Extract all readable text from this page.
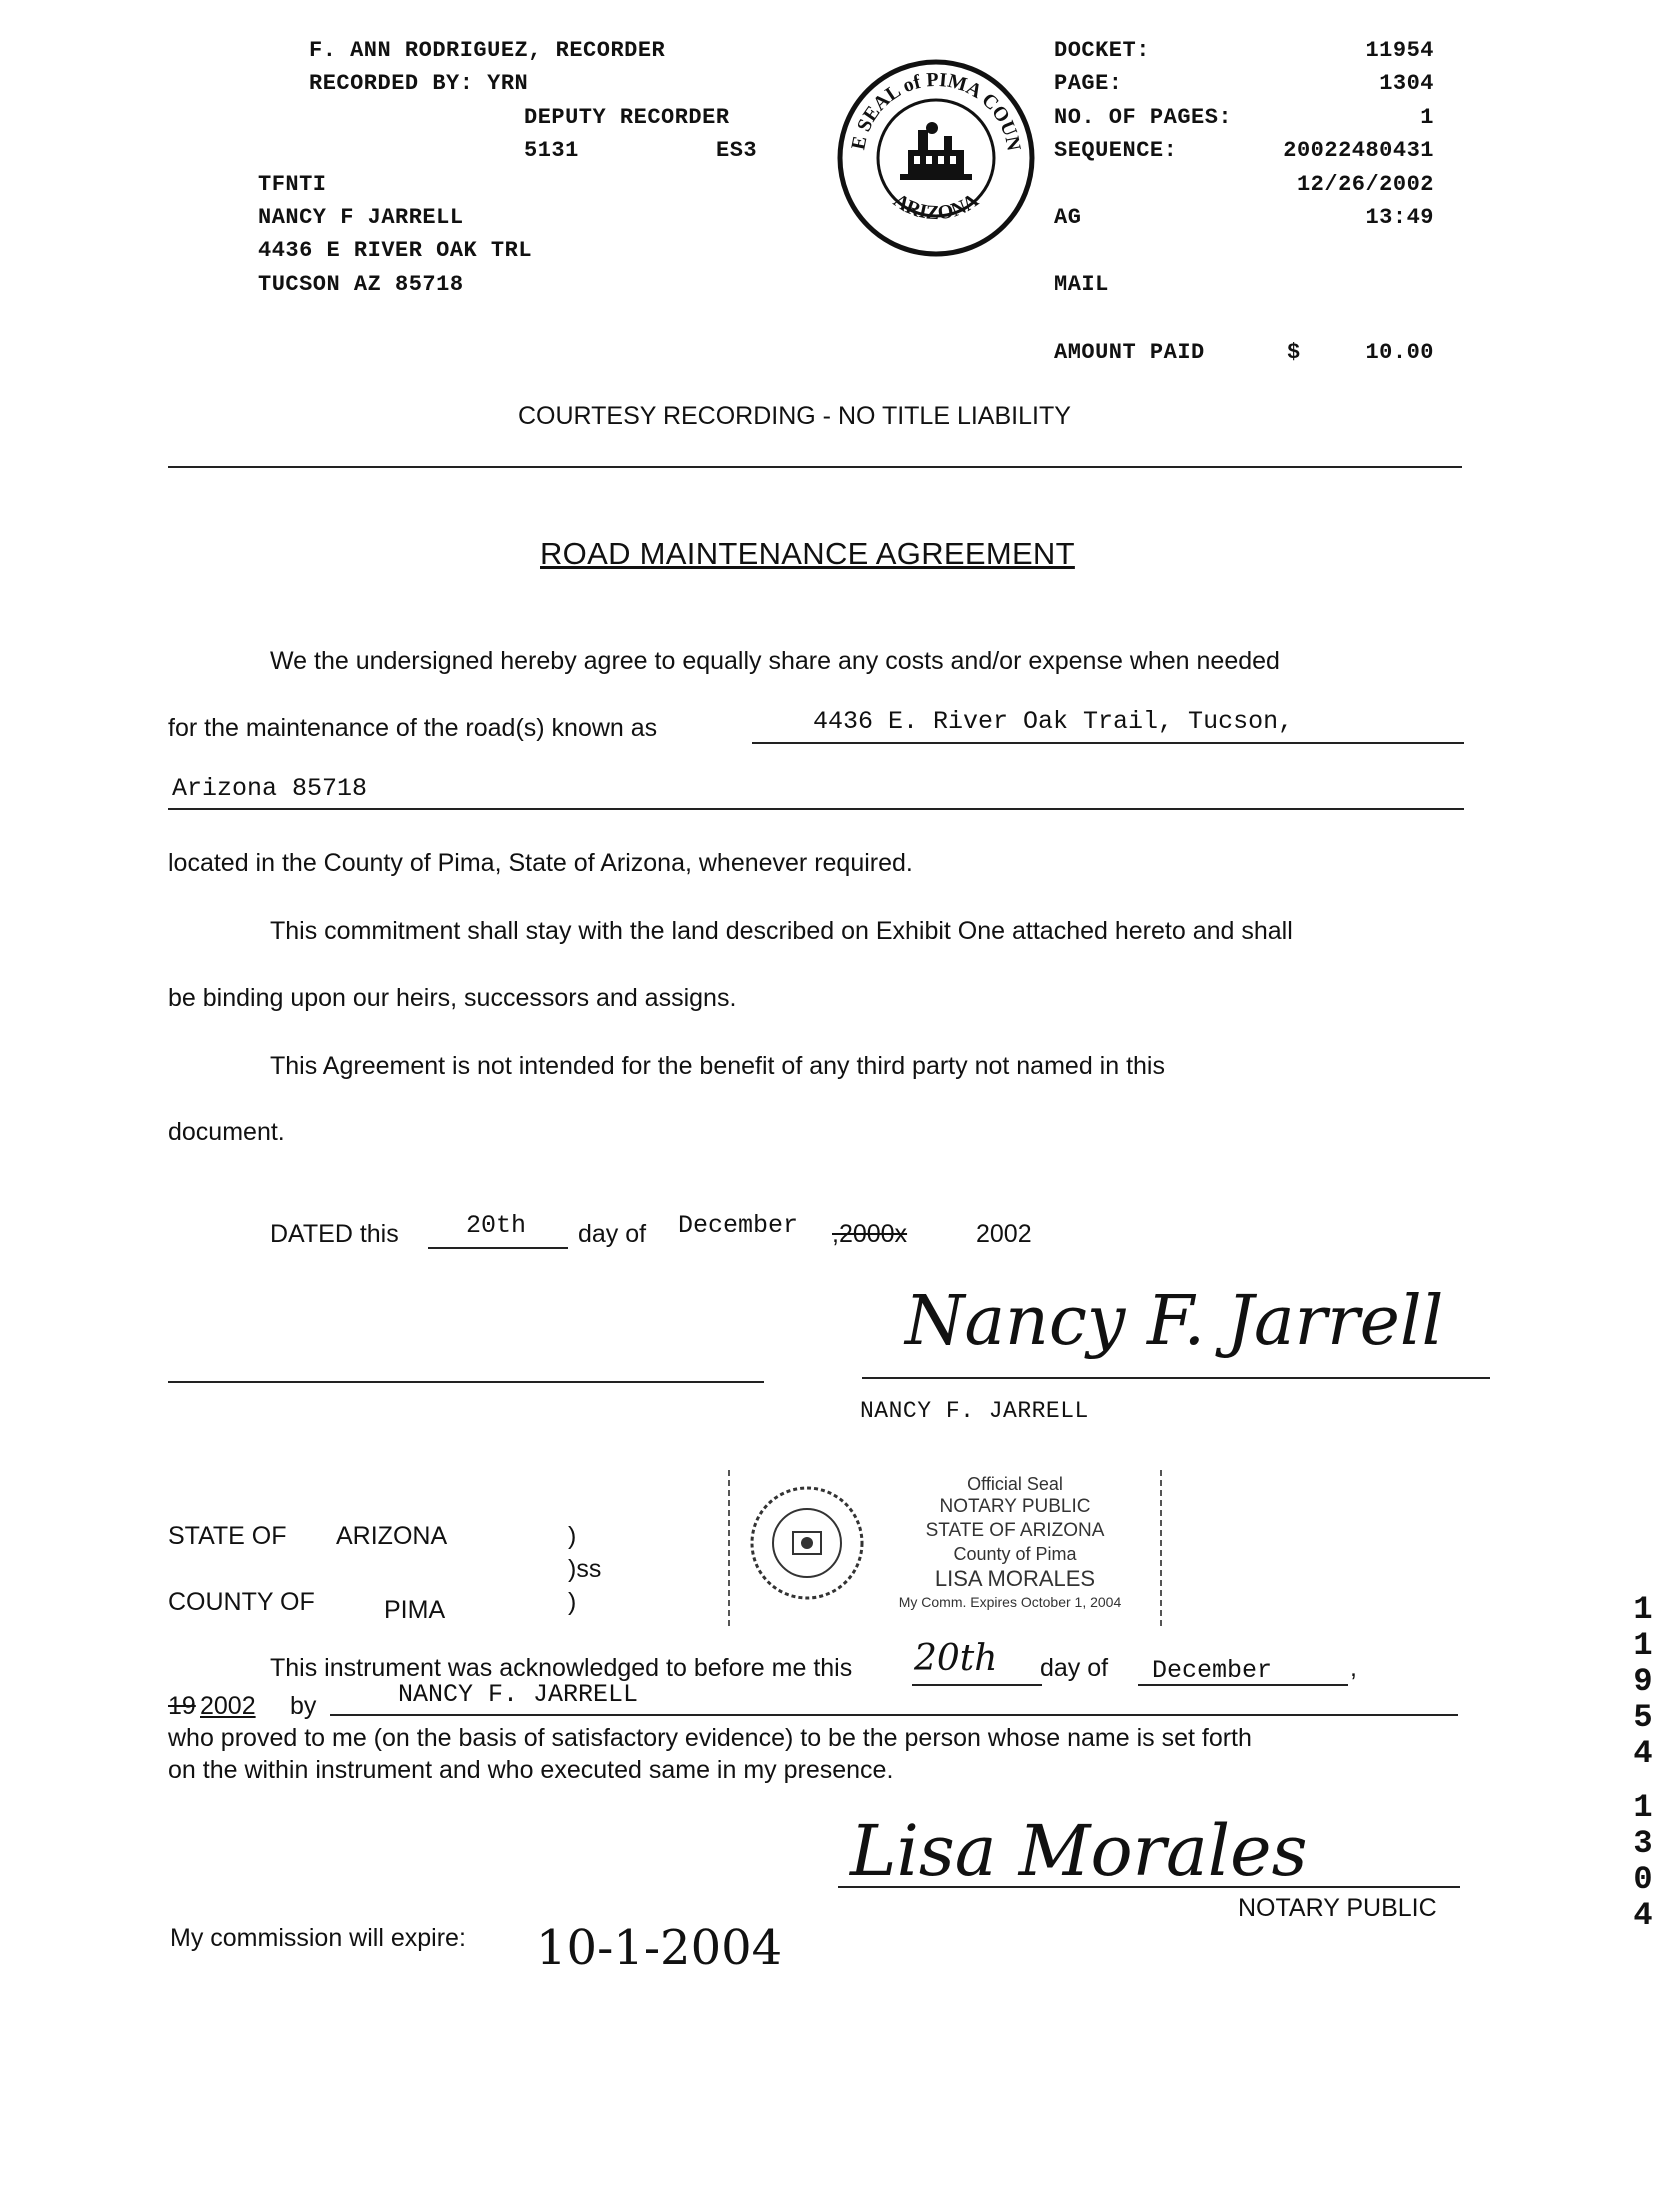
F. ANN RODRIGUEZ, RECORDER
RECORDED BY: YRN
DEPUTY RECORDER
5131	ES3
TFNTI
NANCY F JARRELL
4436 E RIVER OAK TRL
TUCSON AZ 85718
THE SEAL of PIMA COUNTY
ARIZONA
DOCKET:	11954
PAGE:	1304
NO. OF PAGES:	1
SEQUENCE:	20022480431
12/26/2002
AG	13:49
MAIL
AMOUNT PAID	$	10.00
COURTESY RECORDING - NO TITLE LIABILITY
ROAD MAINTENANCE AGREEMENT
We the undersigned hereby agree to equally share any costs and/or expense when needed
for the maintenance of the road(s) known as	4436 E. River Oak Trail, Tucson,
Arizona 85718
located in the County of Pima, State of Arizona, whenever required.
This commitment shall stay with the land described on Exhibit One attached hereto and shall
be binding upon our heirs, successors and assigns.
This Agreement is not intended for the benefit of any third party not named in this
document.
DATED this	20th day of December ,2000x	2002
Nancy F. Jarrell
NANCY F. JARRELL
Official Seal
NOTARY PUBLIC
STATE OF ARIZONA
County of Pima
LISA MORALES
My Comm. Expires October 1, 2004
STATE OF ARIZONA	)
)ss
COUNTY OF	PIMA	)
This instrument was acknowledged to before me this 20th day of December	,
19 2002 by	NANCY F. JARRELL
who proved to me (on the basis of satisfactory evidence) to be the person whose name is set forth
on the within instrument and who executed same in my presence.
Lisa Morales
NOTARY PUBLIC
My commission will expire: 10-1-2004
11954
1304
